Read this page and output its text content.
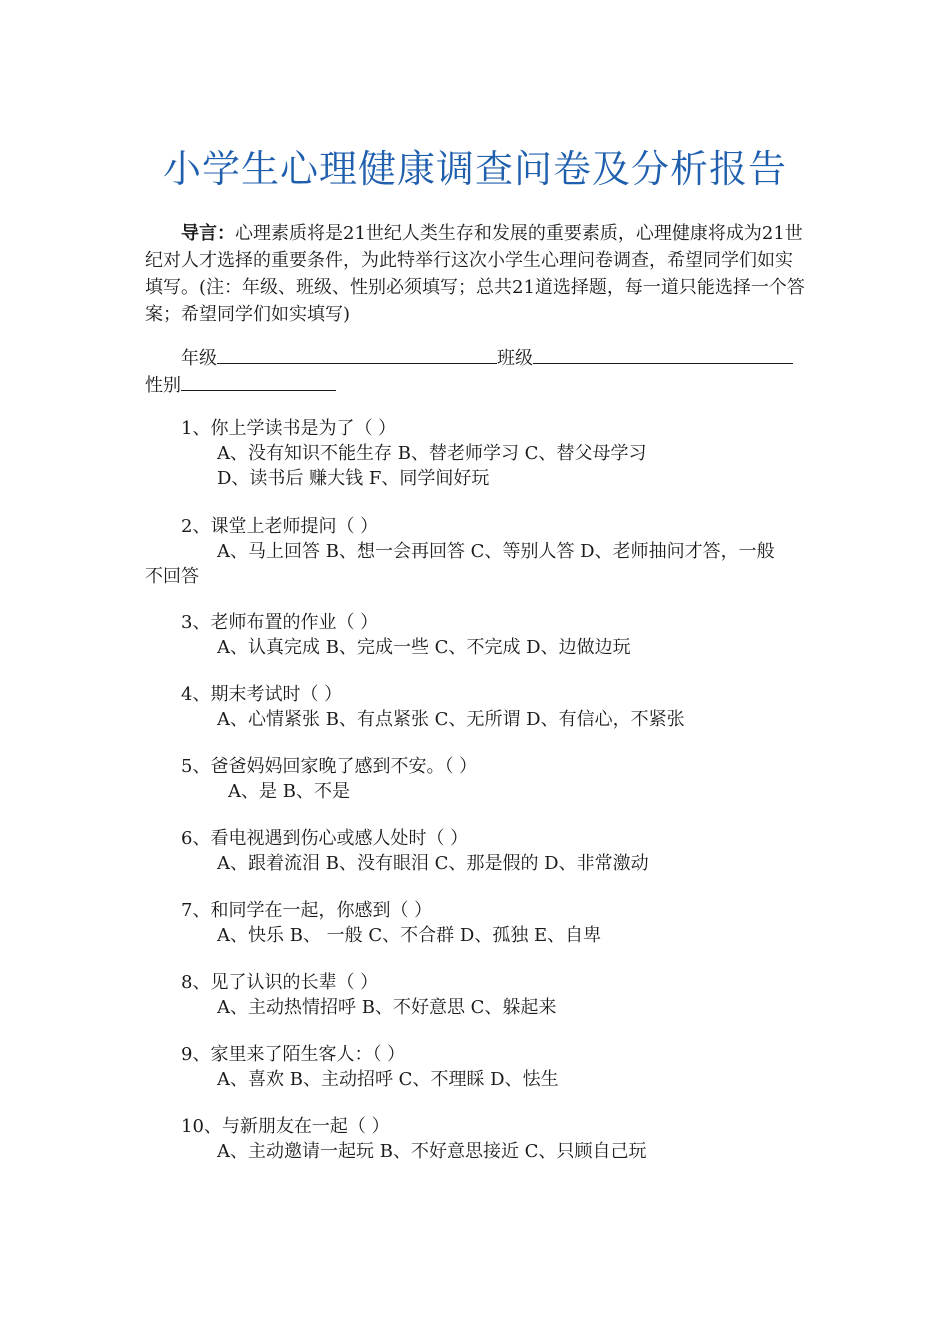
小学生心理健康调查问卷及分析报告

导言：心理素质将是21世纪人类生存和发展的重要素质，心理健康将成为21世纪对人才选择的重要条件，为此特举行这次小学生心理问卷调查，希望同学们如实填写。(注：年级、班级、性别必须填写；总共21道选择题，每一道只能选择一个答案；希望同学们如实填写)

年级	班级
性别
1、你上学读书是为了（ ）
A、没有知识不能生存 B、替老师学习 C、替父母学习
D、读书后 赚大钱 F、同学间好玩
2、课堂上老师提问（ ）
A、马上回答 B、想一会再回答 C、等别人答 D、老师抽问才答，一般
不回答
3、老师布置的作业（ ）
A、认真完成 B、完成一些 C、不完成 D、边做边玩
4、期末考试时（ ）
A、心情紧张 B、有点紧张 C、无所谓 D、有信心，不紧张
5、爸爸妈妈回家晚了感到不安。（ ）
A、是 B、不是
6、看电视遇到伤心或感人处时（ ）
A、跟着流泪 B、没有眼泪 C、那是假的 D、非常激动
7、和同学在一起，你感到（ ）
A、快乐 B、 一般 C、不合群 D、孤独 E、自卑
8、见了认识的长辈（ ）
A、主动热情招呼 B、不好意思 C、躲起来
9、家里来了陌生客人：（ ）
A、喜欢 B、主动招呼 C、不理睬 D、怯生
10、与新朋友在一起（ ）
A、主动邀请一起玩 B、不好意思接近 C、只顾自己玩
